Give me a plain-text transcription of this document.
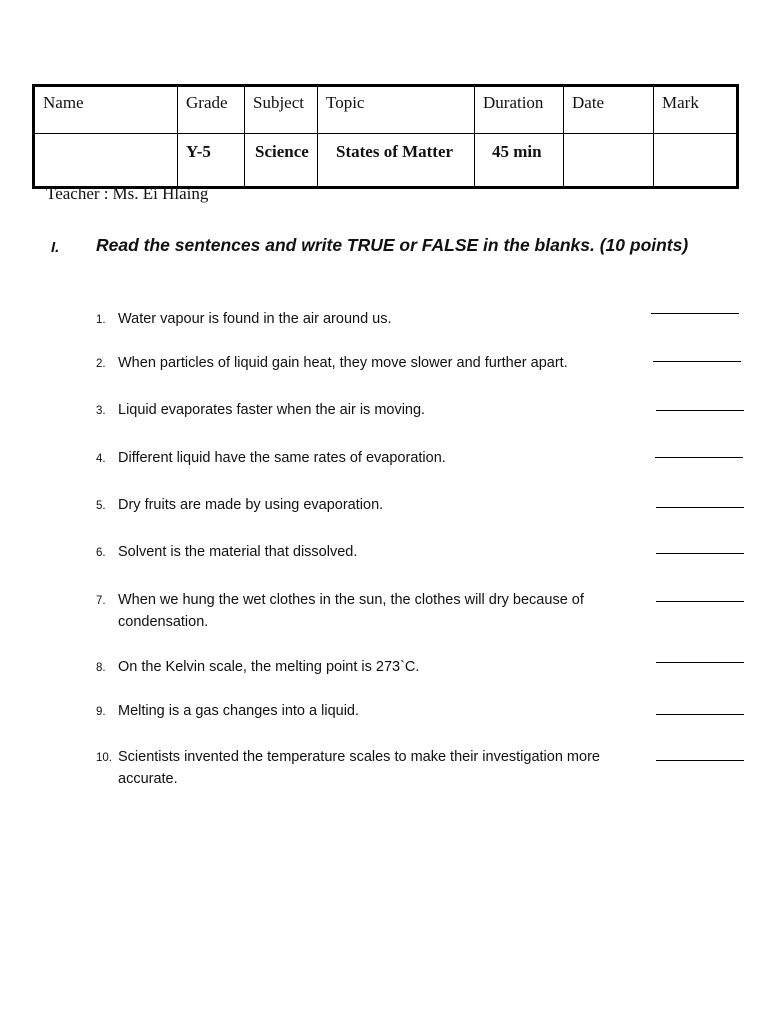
Name	Grade	Subject	Topic	Duration	Date	Mark
	Y-5	Science	States of Matter	45 min		
Teacher : Ms. Ei Hlaing
I. Read the sentences and write TRUE or FALSE in the blanks. (10 points)
1. Water vapour is found in the air around us.
2. When particles of liquid gain heat, they move slower and further apart.
3. Liquid evaporates faster when the air is moving.
4. Different liquid have the same rates of evaporation.
5. Dry fruits are made by using evaporation.
6. Solvent is the material that dissolved.
7. When we hung the wet clothes in the sun, the clothes will dry because of condensation.
8. On the Kelvin scale, the melting point is 273`C.
9. Melting is a gas changes into a liquid.
10.Scientists invented the temperature scales to make their investigation more accurate.
